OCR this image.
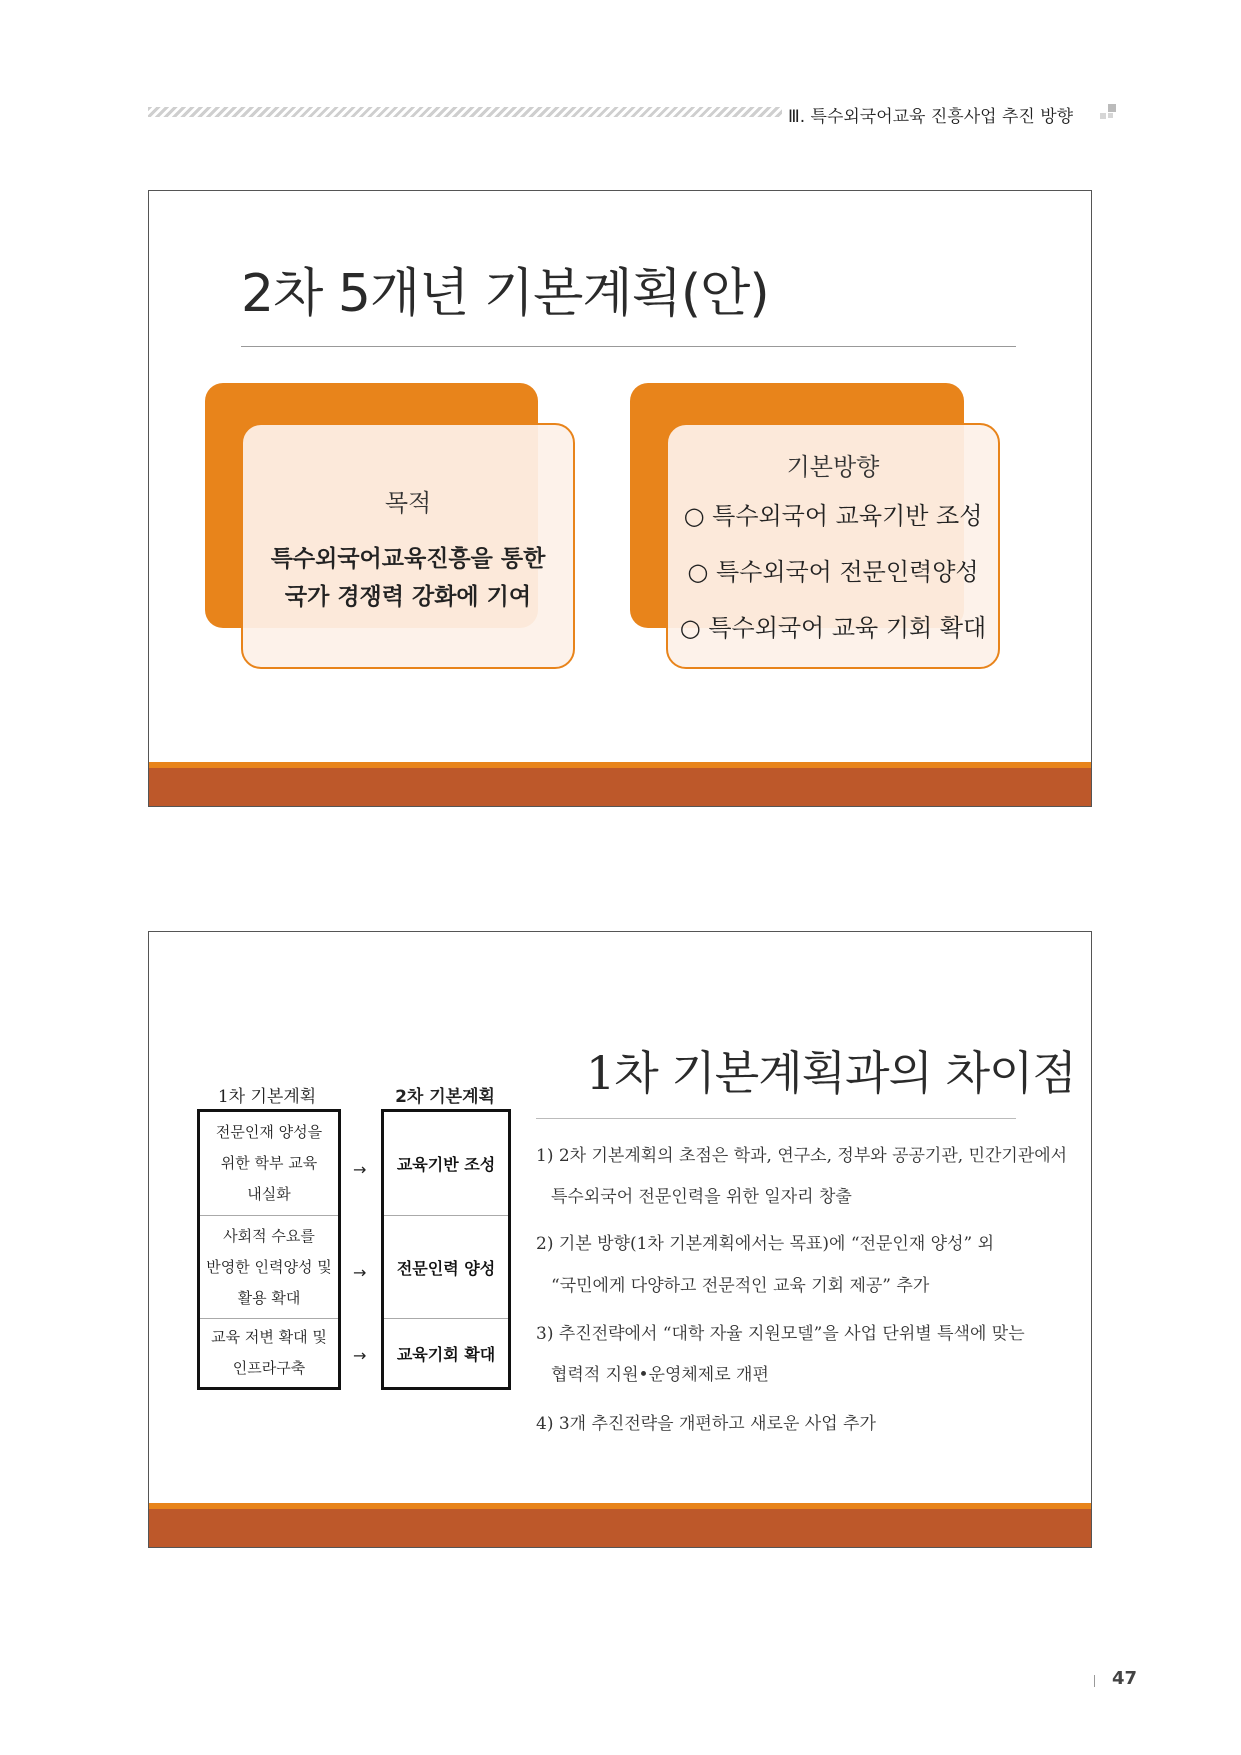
Ⅲ. 특수외국어교육 진흥사업 추진 방향
2차 5개년 기본계획(안)
목적
특수외국어교육진흥을 통한
국가 경쟁력 강화에 기여
기본방향
○ 특수외국어 교육기반 조성
○ 특수외국어 전문인력양성
○ 특수외국어 교육 기회 확대
1차 기본계획	2차 기본계획
전문인재 양성을
위한 학부 교육
내실화
사회적 수요를
반영한 인력양성 및
활용 확대
교육 저변 확대 및
인프라구축
→
→
→
교육기반 조성
전문인력 양성
교육기회 확대
1차 기본계획과의 차이점
1) 2차 기본계획의 초점은 학과, 연구소, 정부와 공공기관, 민간기관에서
특수외국어 전문인력을 위한 일자리 창출
2) 기본 방향(1차 기본계획에서는 목표)에 “전문인재 양성” 외
“국민에게 다양하고 전문적인 교육 기회 제공” 추가
3) 추진전략에서 “대학 자율 지원모델”을 사업 단위별 특색에 맞는
협력적 지원•운영체제로 개편
4) 3개 추진전략을 개편하고 새로운 사업 추가
47
